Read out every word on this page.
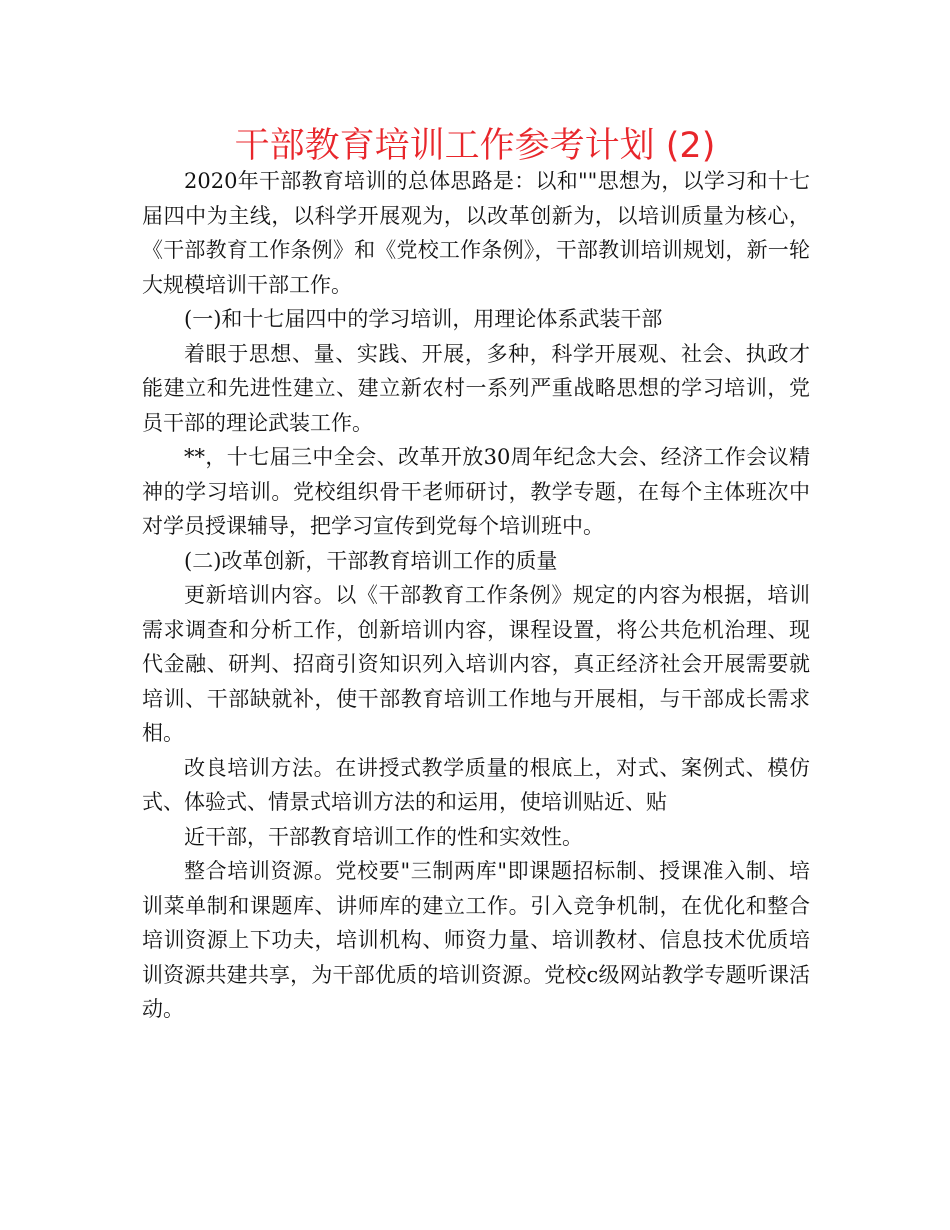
干部教育培训工作参考计划 (2)

2020年干部教育培训的总体思路是：以和""思想为，以学习和十七届四中为主线，以科学开展观为，以改革创新为，以培训质量为核心，《干部教育工作条例》和《党校工作条例》，干部教训培训规划，新一轮大规模培训干部工作。

(一)和十七届四中的学习培训，用理论体系武装干部

着眼于思想、量、实践、开展，多种，科学开展观、社会、执政才能建立和先进性建立、建立新农村一系列严重战略思想的学习培训，党员干部的理论武装工作。

**，十七届三中全会、改革开放30周年纪念大会、经济工作会议精神的学习培训。党校组织骨干老师研讨，教学专题，在每个主体班次中对学员授课辅导，把学习宣传到党每个培训班中。

(二)改革创新，干部教育培训工作的质量

更新培训内容。以《干部教育工作条例》规定的内容为根据，培训需求调查和分析工作，创新培训内容，课程设置，将公共危机治理、现代金融、研判、招商引资知识列入培训内容，真正经济社会开展需要就培训、干部缺就补，使干部教育培训工作地与开展相，与干部成长需求相。

改良培训方法。在讲授式教学质量的根底上，对式、案例式、模仿式、体验式、情景式培训方法的和运用，使培训贴近、贴

近干部，干部教育培训工作的性和实效性。

整合培训资源。党校要"三制两库"即课题招标制、授课准入制、培训菜单制和课题库、讲师库的建立工作。引入竞争机制，在优化和整合培训资源上下功夫，培训机构、师资力量、培训教材、信息技术优质培训资源共建共享，为干部优质的培训资源。党校c级网站教学专题听课活动。
